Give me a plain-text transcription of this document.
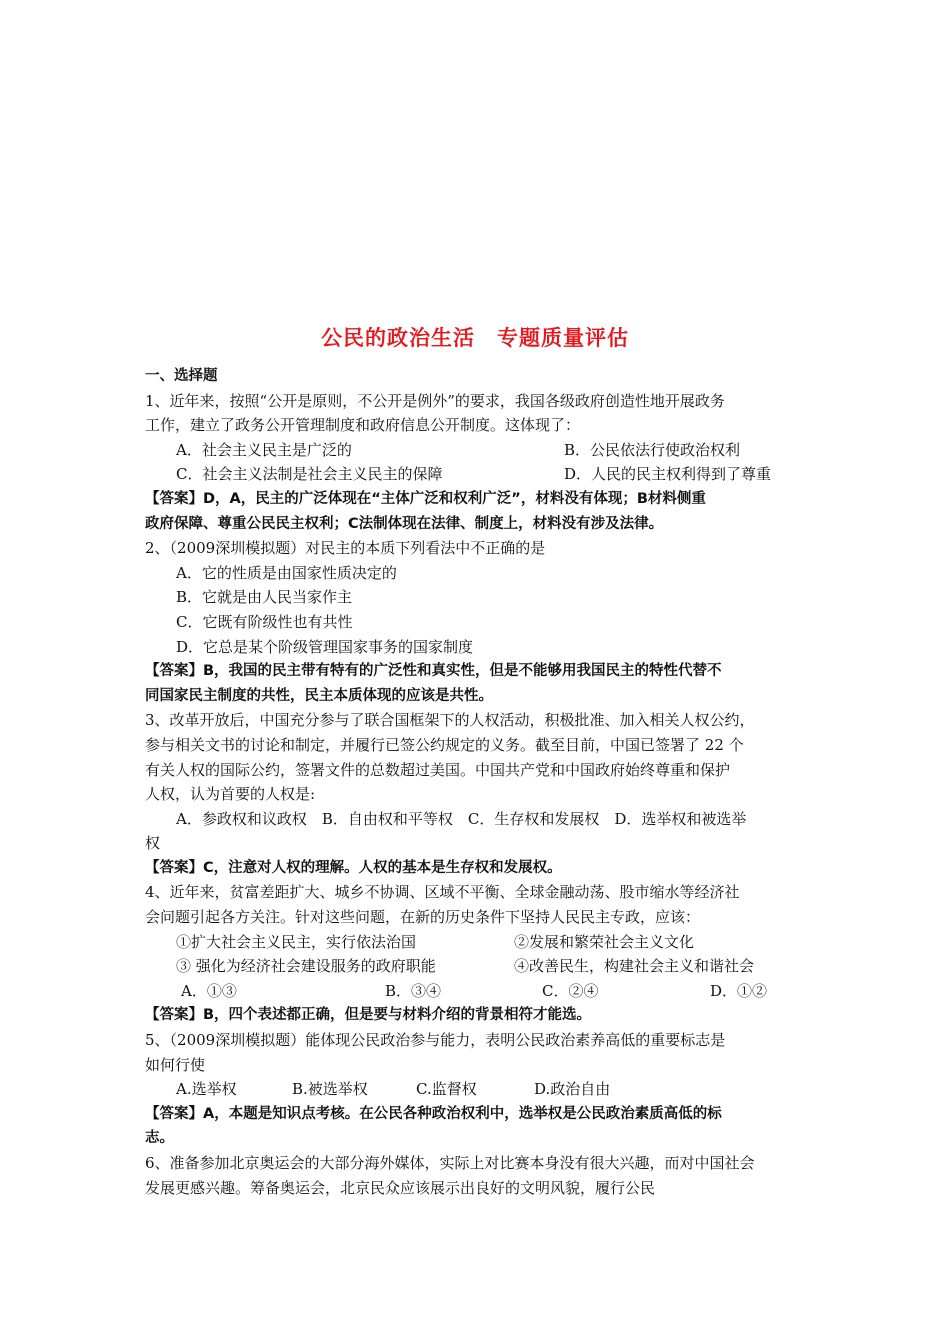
公民的政治生活　专题质量评估
一、选择题
1、近年来，按照“公开是原则，不公开是例外”的要求，我国各级政府创造性地开展政务
工作，建立了政务公开管理制度和政府信息公开制度。这体现了：
A．社会主义民主是广泛的	B．公民依法行使政治权利
C．社会主义法制是社会主义民主的保障	D．人民的民主权利得到了尊重
【答案】D，A，民主的广泛体现在“主体广泛和权利广泛”，材料没有体现；B材料侧重
政府保障、尊重公民民主权利；C法制体现在法律、制度上，材料没有涉及法律。
2、（2009深圳模拟题）对民主的本质下列看法中不正确的是
A．它的性质是由国家性质决定的
B．它就是由人民当家作主
C．它既有阶级性也有共性
D．它总是某个阶级管理国家事务的国家制度
【答案】B，我国的民主带有特有的广泛性和真实性，但是不能够用我国民主的特性代替不
同国家民主制度的共性，民主本质体现的应该是共性。
3、改革开放后，中国充分参与了联合国框架下的人权活动，积极批准、加入相关人权公约，
参与相关文书的讨论和制定，并履行已签公约规定的义务。截至目前，中国已签署了 22 个
有关人权的国际公约，签署文件的总数超过美国。中国共产党和中国政府始终尊重和保护
人权，认为首要的人权是:
A．参政权和议政权　B．自由权和平等权　C．生存权和发展权　D．选举权和被选举
权
【答案】C，注意对人权的理解。人权的基本是生存权和发展权。
4、近年来，贫富差距扩大、城乡不协调、区域不平衡、全球金融动荡、股市缩水等经济社
会问题引起各方关注。针对这些问题，在新的历史条件下坚持人民民主专政，应该：
①扩大社会主义民主，实行依法治国	②发展和繁荣社会主义文化
③ 强化为经济社会建设服务的政府职能	④改善民生，构建社会主义和谐社会
A．①③	B．③④	C．②④	D．①②
【答案】B，四个表述都正确，但是要与材料介绍的背景相符才能选。
5、（2009深圳模拟题）能体现公民政治参与能力，表明公民政治素养高低的重要标志是
如何行使
A.选举权	B.被选举权	C.监督权	D.政治自由
【答案】A，本题是知识点考核。在公民各种政治权利中，选举权是公民政治素质高低的标
志。
6、准备参加北京奥运会的大部分海外媒体，实际上对比赛本身没有很大兴趣，而对中国社会
发展更感兴趣。筹备奥运会，北京民众应该展示出良好的文明风貌，履行公民
